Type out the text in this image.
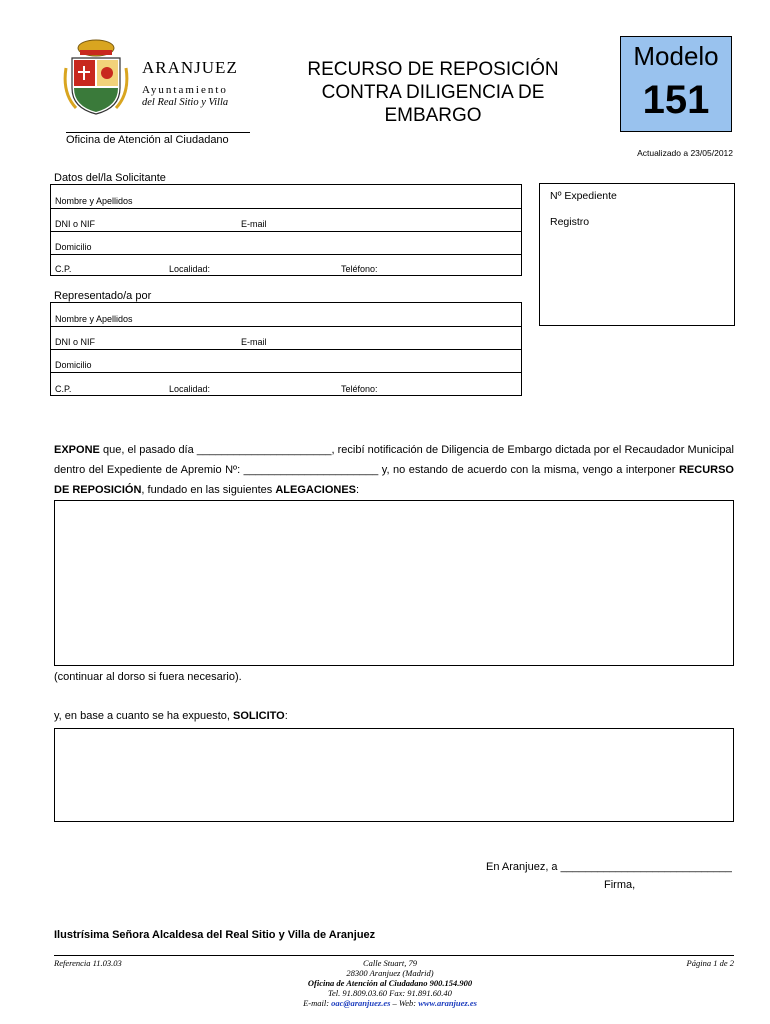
ARANJUEZ
Ayuntamiento
del Real Sitio y Villa
Oficina de Atención al Ciudadano
RECURSO DE REPOSICIÓN
CONTRA DILIGENCIA DE
EMBARGO
Modelo
151
Actualizado a 23/05/2012
Datos del/la Solicitante
Nombre y Apellidos
DNI o NIF	E-mail
Domicilio
C.P.	Localidad:	Teléfono:
Nº Expediente
Registro
Representado/a por
Nombre y Apellidos
DNI o NIF	E-mail
Domicilio
C.P.	Localidad:	Teléfono:
EXPONE que, el pasado día ______________________, recibí notificación de Diligencia de Embargo dictada por el Recaudador Municipal dentro del Expediente de Apremio Nº: ______________________ y, no estando de acuerdo con la misma, vengo a interponer RECURSO DE REPOSICIÓN, fundado en las siguientes ALEGACIONES:
(continuar al dorso si fuera necesario).
y, en base a cuanto se ha expuesto, SOLICITO:
En Aranjuez, a ____________________________
Firma,
Ilustrísima Señora Alcaldesa del Real Sitio y Villa de Aranjuez
Referencia 11.03.03	Página 1 de 2
Calle Stuart, 79
28300 Aranjuez (Madrid)
Oficina de Atención al Ciudadano 900.154.900
Tel. 91.809.03.60 Fax: 91.891.60.40
E-mail: oac@aranjuez.es – Web: www.aranjuez.es
